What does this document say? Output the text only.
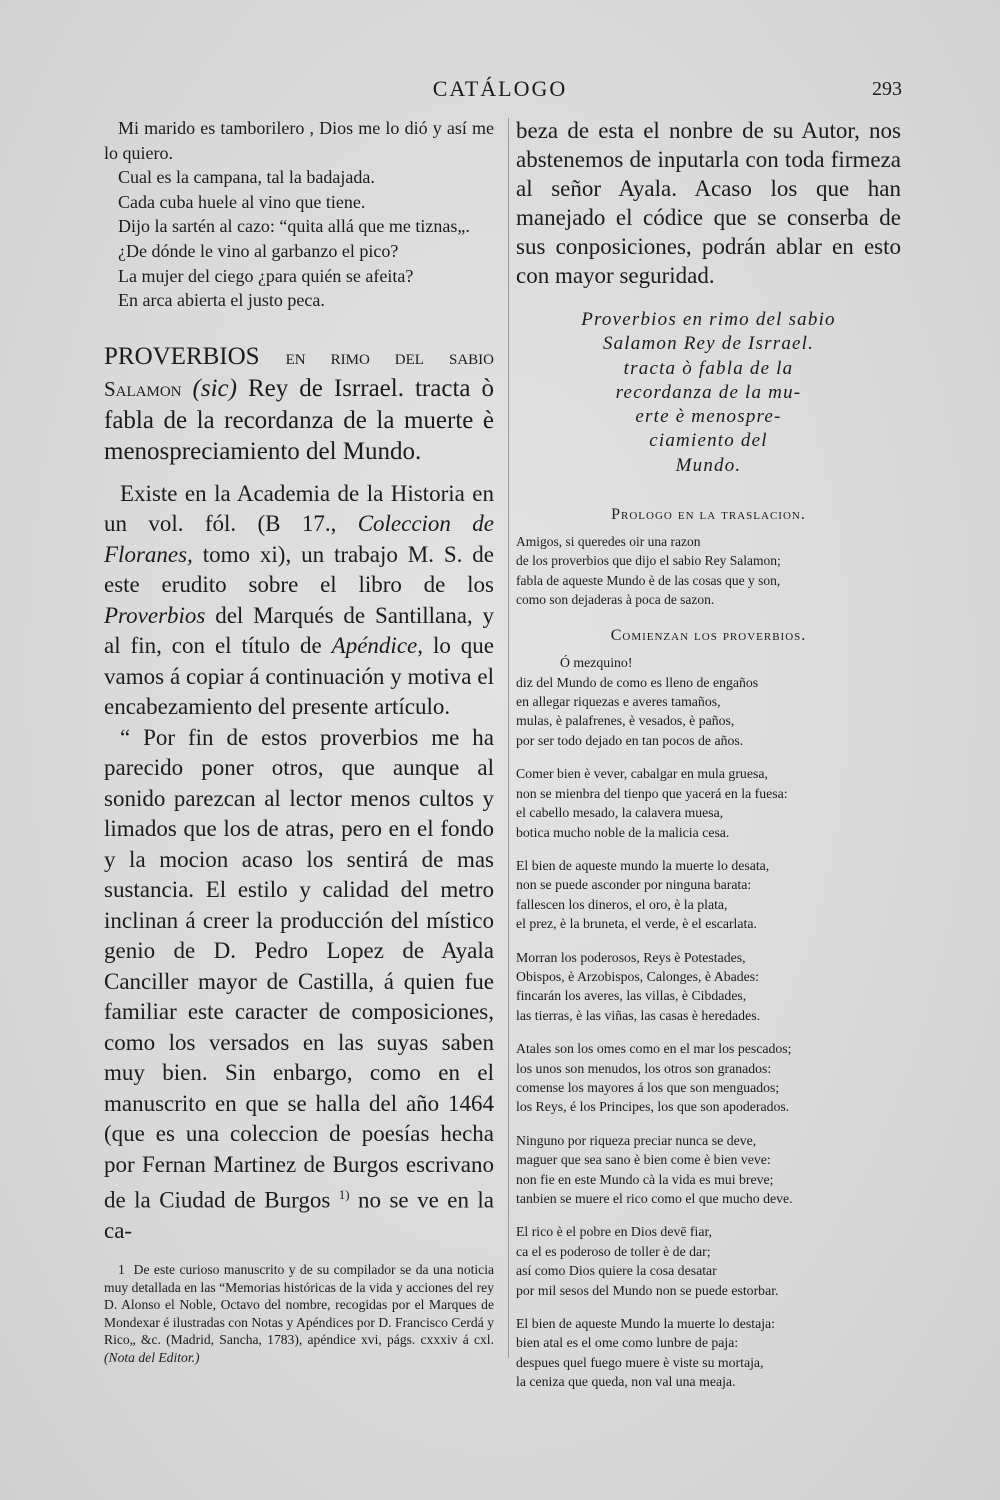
CATÁLOGO	293

Mi marido es tamborilero , Dios me lo dió y así me lo quiero.

Cual es la campana, tal la badajada.

Cada cuba huele al vino que tiene.

Dijo la sartén al cazo: “quita allá que me tiznas„.

¿De dónde le vino al garbanzo el pico?

La mujer del ciego ¿para quién se afeita?

En arca abierta el justo peca.

PROVERBIOS en rimo del sabio Salamon (sic) Rey de Isrrael. tracta ò fabla de la recordanza de la muerte è menospreciamiento del Mundo.

Existe en la Academia de la Historia en un vol. fól. (B 17., Coleccion de Floranes, tomo xi), un trabajo M. S. de este erudito sobre el libro de los Proverbios del Marqués de Santillana, y al fin, con el título de Apéndice, lo que vamos á copiar á continuación y motiva el encabezamiento del presente artículo.

“ Por fin de estos proverbios me ha parecido poner otros, que aunque al sonido parezcan al lector menos cultos y limados que los de atras, pero en el fondo y la mocion acaso los sentirá de mas sustancia. El estilo y calidad del metro inclinan á creer la producción del místico genio de D. Pedro Lopez de Ayala Canciller mayor de Castilla, á quien fue familiar este caracter de composiciones, como los versados en las suyas saben muy bien. Sin enbargo, como en el manuscrito en que se halla del año 1464 (que es una coleccion de poesías hecha por Fernan Martinez de Burgos escrivano de la Ciudad de Burgos $^{1)}$ no se ve en la ca-

1 De este curioso manuscrito y de su compilador se da una noticia muy detallada en las “Memorias históricas de la vida y acciones del rey D. Alonso el Noble, Octavo del nombre, recogidas por el Marques de Mondexar é ilustradas con Notas y Apéndices por D. Francisco Cerdá y Rico„ &c. (Madrid, Sancha, 1783), apéndice xvi, págs. cxxxiv á cxl. (Nota del Editor.)

beza de esta el nonbre de su Autor, nos abstenemos de inputarla con toda firmeza al señor Ayala. Acaso los que han manejado el códice que se conserba de sus conposiciones, podrán ablar en esto con mayor seguridad.

Proverbios en rimo del sabio
Salamon Rey de Isrrael.
tracta ò fabla de la
recordanza de la mu-
erte è menospre-
ciamiento del
Mundo.
Prologo en la traslacion.
Amigos, si queredes oir una razon
de los proverbios que dijo el sabio Rey Salamon;
fabla de aqueste Mundo è de las cosas que y son,
como son dejaderas à poca de sazon.
Comienzan los proverbios.
Ó mezquino!
diz del Mundo de como es lleno de engaños
en allegar riquezas e averes tamaños,
mulas, è palafrenes, è vesados, è paños,
por ser todo dejado en tan pocos de años.
Comer bien è vever, cabalgar en mula gruesa,
non se mienbra del tienpo que yacerá en la fuesa:
el cabello mesado, la calavera muesa,
botica mucho noble de la malicia cesa.
El bien de aqueste mundo la muerte lo desata,
non se puede asconder por ninguna barata:
fallescen los dineros, el oro, è la plata,
el prez, è la bruneta, el verde, è el escarlata.
Morran los poderosos, Reys è Potestades,
Obispos, è Arzobispos, Calonges, è Abades:
fincarán los averes, las villas, è Cibdades,
las tierras, è las viñas, las casas è heredades.
Atales son los omes como en el mar los pescados;
los unos son menudos, los otros son granados:
comense los mayores á los que son menguados;
los Reys, é los Principes, los que son apoderados.
Ninguno por riqueza preciar nunca se deve,
maguer que sea sano è bien come è bien veve:
non fie en este Mundo cà la vida es mui breve;
tanbien se muere el rico como el que mucho deve.
El rico è el pobre en Dios devē fiar,
ca el es poderoso de toller è de dar;
así como Dios quiere la cosa desatar
por mil sesos del Mundo non se puede estorbar.
El bien de aqueste Mundo la muerte lo destaja:
bien atal es el ome como lunbre de paja:
despues quel fuego muere è viste su mortaja,
la ceniza que queda, non val una meaja.
